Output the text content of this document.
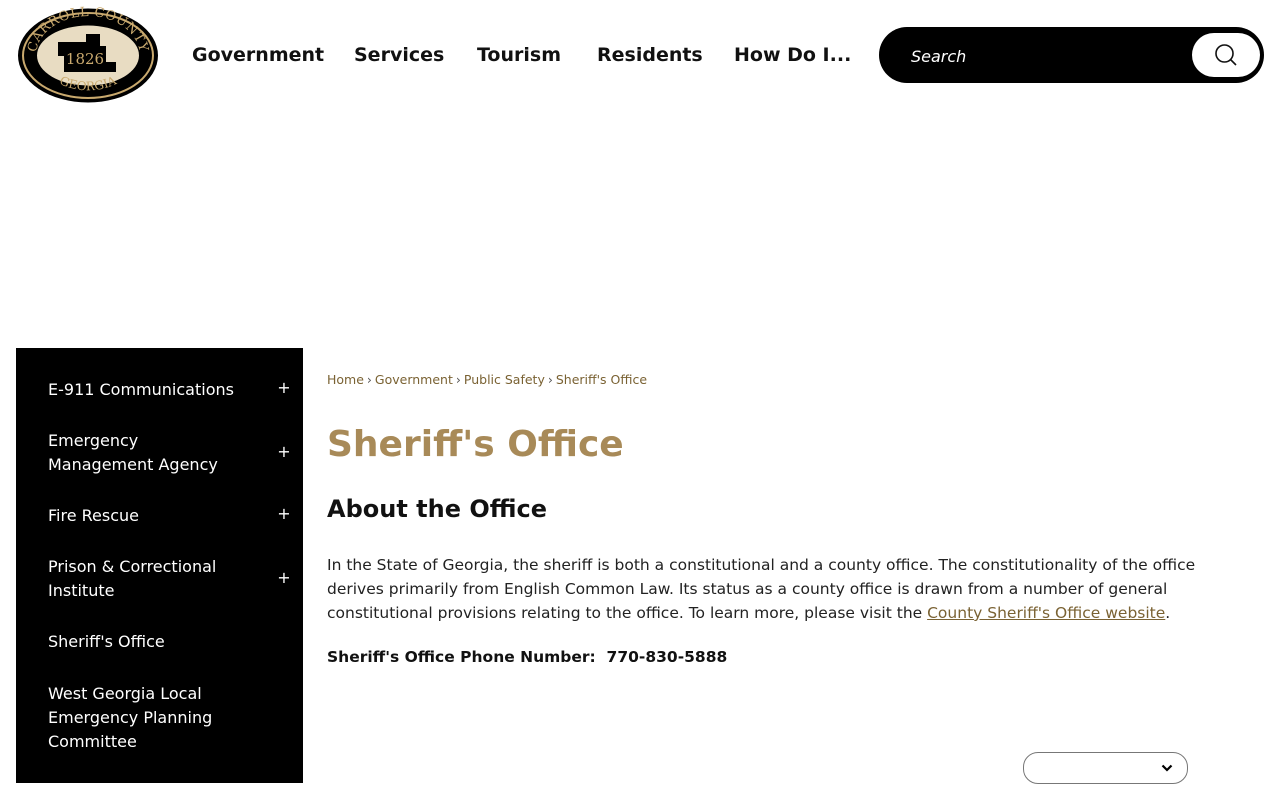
1826
CARROLL COUNTY
GEORGIA
Government Services Tourism Residents How Do I...
Search
E-911 Communications	+
Emergency Management Agency
+
Fire Rescue	+
Prison & Correctional Institute
+
Sheriff's Office
West Georgia Local Emergency Planning Committee
Home › Government › Public Safety › Sheriff's Office
Sheriff's Office
About the Office

In the State of Georgia, the sheriff is both a constitutional and a county office. The constitutionality of the office derives primarily from English Common Law. Its status as a county office is drawn from a number of general constitutional provisions relating to the office. To learn more, please visit the County Sheriff's Office website.

Sheriff's Office Phone Number: 770-830-5888
